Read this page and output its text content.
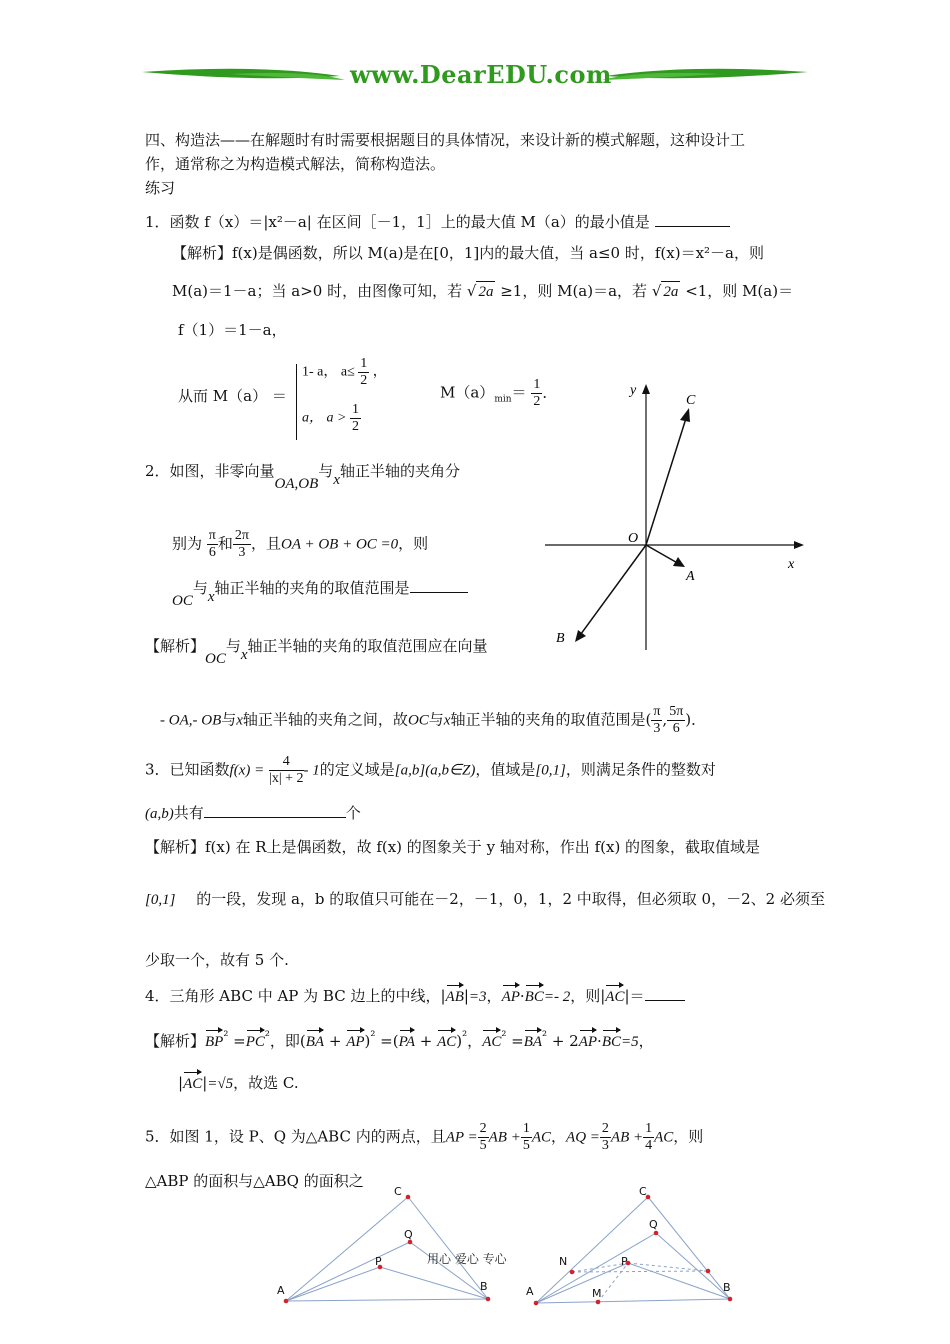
www.DearEDU.com
四、构造法——在解题时有时需要根据题目的具体情况，来设计新的模式解题，这种设计工
作，通常称之为构造模式解法，简称构造法。
练习
1．函数 f（x）＝|x²－a| 在区间［－1，1］上的最大值 M（a）的最小值是
【解析】f(x)是偶函数，所以 M(a)是在[0，1]内的最大值，当 a≤0 时，f(x)＝x²－a，则
M(a)＝1－a；当 a>0 时，由图像可知，若 √ 2a ≥1，则 M(a)＝a，若 √ 2a <1，则 M(a)＝
f（1）＝1－a，
从而 M（a） ＝
1- a， $a\le \frac{1}{2}$ ，
a， $a > \frac{1}{2}$
$M(a)_{min}= \frac{1}{2}$ ．
2．如图，非零向量OA,OB与x轴正半轴的夹角分
别为 $\frac{\pi}{6}$ 和 $\frac{2\pi}{3}$ ，且OA + OB + OC =0，则
OC与x轴正半轴的夹角的取值范围是
【解析】OC与x轴正半轴的夹角的取值范围应在向量
- OA,- OB与x轴正半轴的夹角之间，故OC与x轴正半轴的夹角的取值范围是( $\frac{\pi}{3}$ , $\frac{5\pi}{6}$ )．
y
x
O
A
B
C
3．已知函数$f(x) = \frac{4}{|x| + 2} - 1$的定义域是[a,b](a,b∈Z)，值域是[0,1]，则满足条件的整数对
(a,b)共有	个
【解析】f(x) 在 R上是偶函数，故 f(x) 的图象关于 y 轴对称，作出 f(x) 的图象，截取值域是
[0,1] 的一段，发现 a，b 的取值只可能在－2，－1，0，1，2 中取得，但必须取 0，－2、2 必须至
少取一个，故有 5 个.
4．三角形 ABC 中 AP 为 BC 边上的中线，|AB|=3，AP·BC=- 2，则|AC|＝
【解析】$BP^{^2} =PC^{^2}$，即(BA + AP)$^{^2}$ =(PA + AC)$^{^2}$，$AC^{^2} =BA^{^2} + 2AP\cdot BC=5$，
|AC|=√5，故选 C.
5．如图 1，设 P、Q 为△ABC 内的两点，且AP = $\frac{2}{5}$ AB + $\frac{1}{5}$ AC，AQ = $\frac{2}{3}$ AB + $\frac{1}{4}$ AC，则
△ABP 的面积与△ABQ 的面积之
A	B
C
P
Q
A	B
C
P
Q
N
M
用心 爱心 专心
